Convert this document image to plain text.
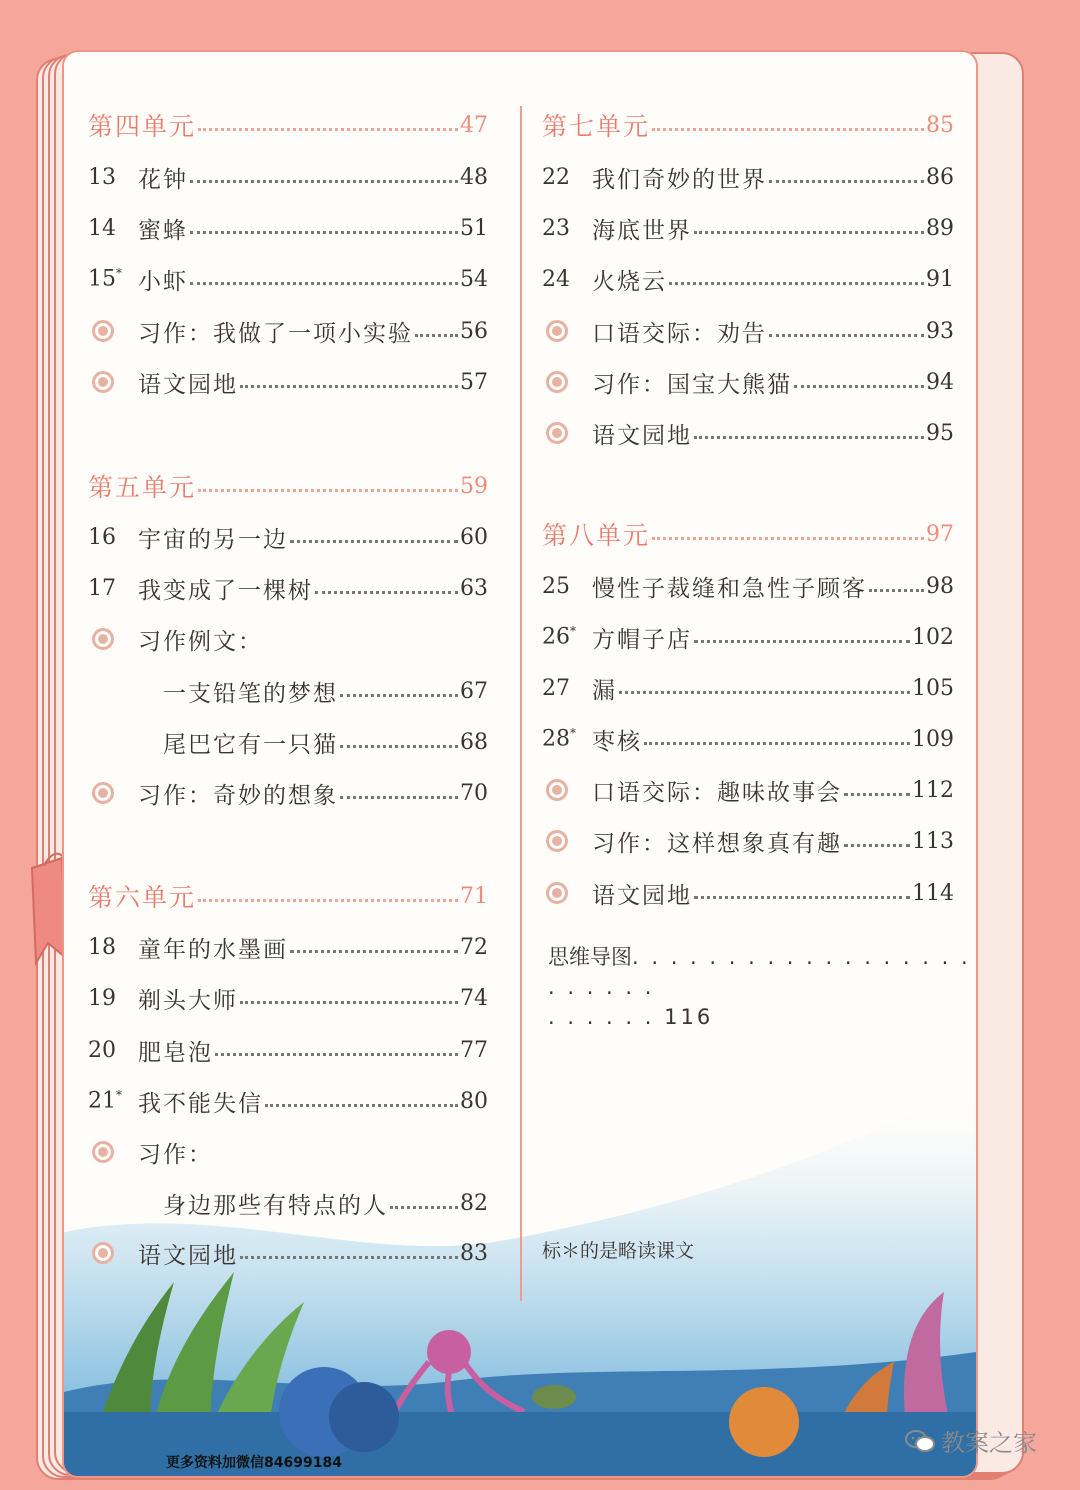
第四单元	47
13 花钟	48
14 蜜蜂	51
15* 小虾	54
习作：我做了一项小实验 56
语文园地	57
第五单元	59
16 宇宙的另一边	60
17 我变成了一棵树	63
习作例文：
一支铅笔的梦想	67
尾巴它有一只猫	68
习作：奇妙的想象	70
第六单元	71
18 童年的水墨画	72
19 剃头大师	74
20 肥皂泡	77
21* 我不能失信	80
习作：
身边那些有特点的人	82
语文园地	83
第七单元	85
22 我们奇妙的世界	86
23 海底世界	89
24 火烧云	91
口语交际：劝告	93
习作：国宝大熊猫	94
语文园地	95
第八单元	97
25 慢性子裁缝和急性子顾客	98
26* 方帽子店	102
27 漏	105
28* 枣核	109
口语交际：趣味故事会	112
习作：这样想象真有趣	113
语文园地	114
思维导图. . . . . . . . . . . . . . . . . . . . . . . .
. . . . . . 116
标＊的是略读课文
更多资料加微信84699184
教案之家
